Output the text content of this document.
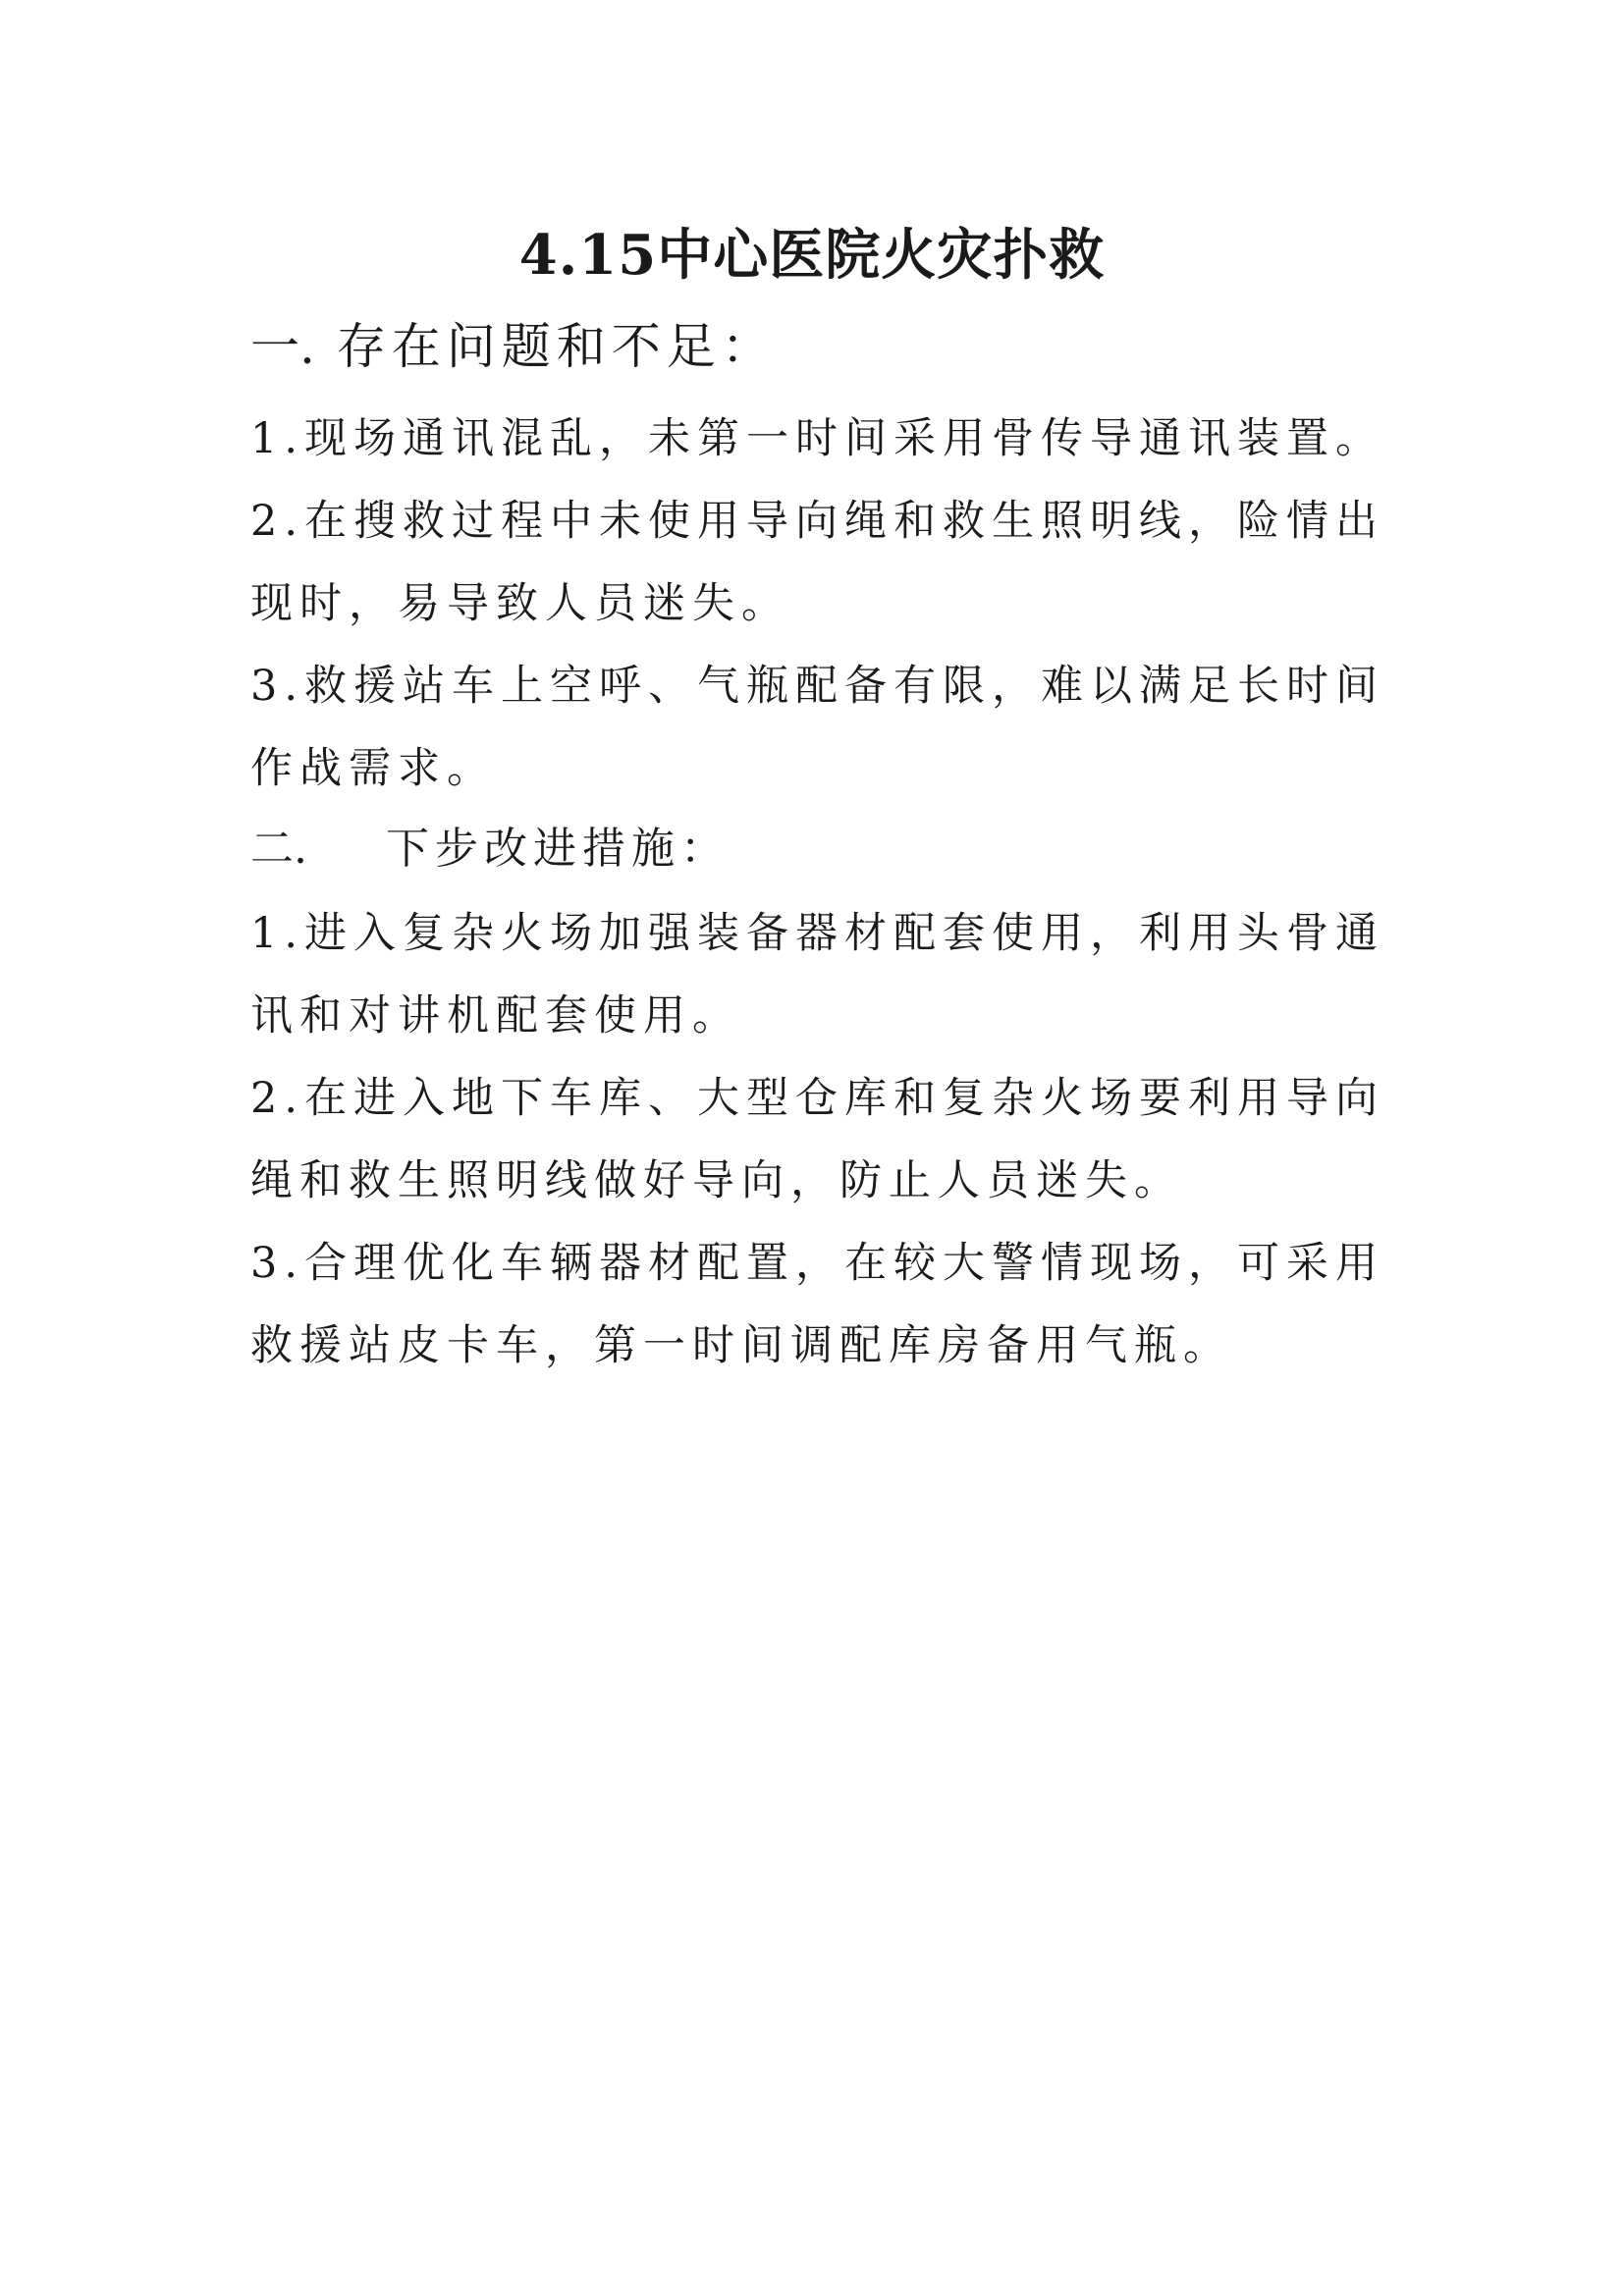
4.15中心医院火灾扑救
一. 存在问题和不足：
1.现场通讯混乱，未第一时间采用骨传导通讯装置。
2.在搜救过程中未使用导向绳和救生照明线，险情出现时，易导致人员迷失。
3.救援站车上空呼、气瓶配备有限，难以满足长时间作战需求。
二. 下步改进措施：
1.进入复杂火场加强装备器材配套使用，利用头骨通讯和对讲机配套使用。
2.在进入地下车库、大型仓库和复杂火场要利用导向绳和救生照明线做好导向，防止人员迷失。
3.合理优化车辆器材配置，在较大警情现场，可采用救援站皮卡车，第一时间调配库房备用气瓶。
